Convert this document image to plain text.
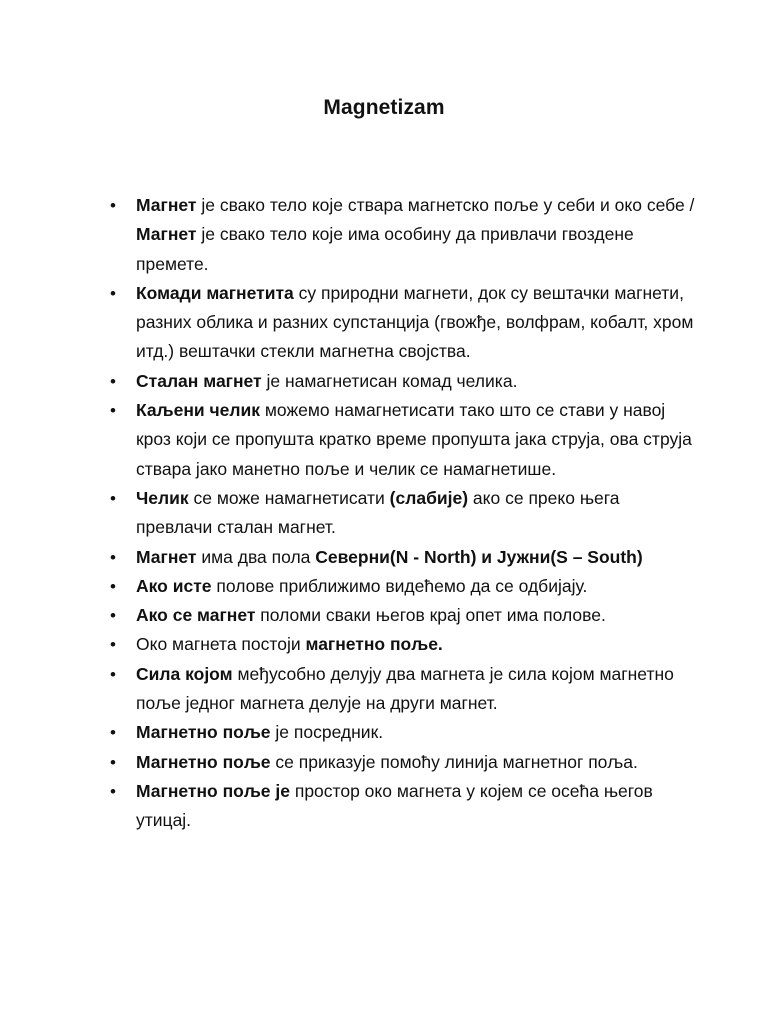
Magnetizam
• Магнет је свако тело које ствара магнетско поље у себи и око себе / Магнет је свако тело које има особину да привлачи гвоздене премете.
• Комади магнетита су природни магнети, док су вештачки магнети, разних облика и разних супстанција (гвожђе, волфрам, кобалт, хром итд.) вештачки стекли магнетна својства.
• Сталан магнет је намагнетисан комад челика.
• Каљени челик можемо намагнетисати тако што се стави у навој кроз који се пропушта кратко време пропушта јака струја, ова струја ствара јако манетно поље и челик се намагнетише.
• Челик се може намагнетисати (слабије) ако се преко њега превлачи сталан магнет.
• Магнет има два пола Северни(N - North) и Јужни(S – South)
• Ако исте полове приближимо видећемо да се одбијају.
• Ако се магнет поломи сваки његов крај опет има полове.
• Око магнета постоји магнетно поље.
• Сила којом међусобно делују два магнета је сила којом магнетно поље једног магнета делује на други магнет.
• Магнетно поље је посредник.
• Магнетно поље се приказује помоћу линија магнетног поља.
• Магнетно поље је простор око магнета у којем се осећа његов утицај.
